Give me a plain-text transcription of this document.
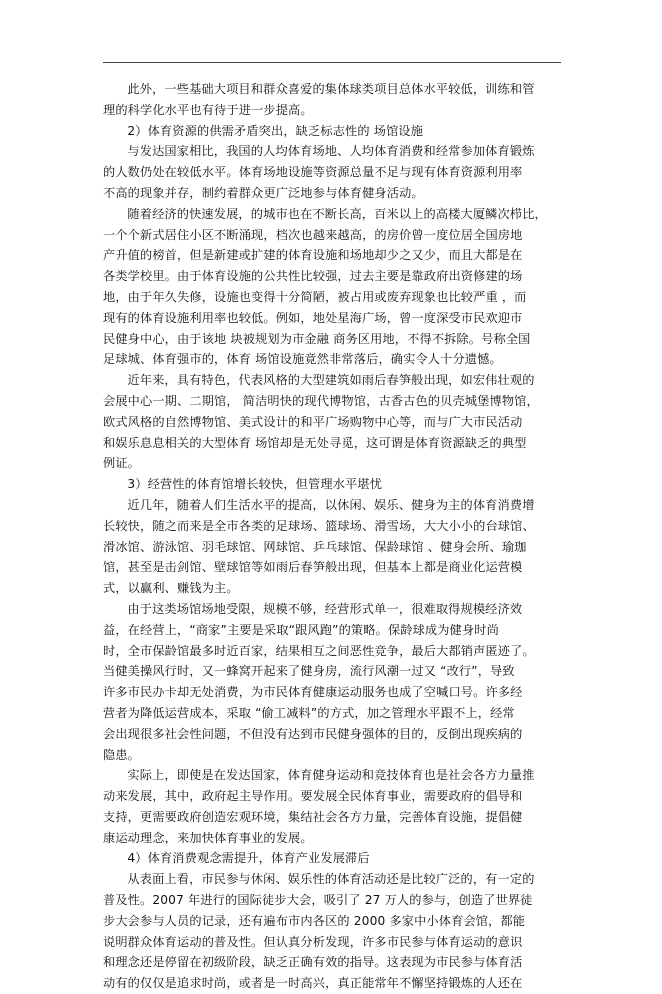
此外，一些基础大项目和群众喜爱的集体球类项目总体水平较低，训练和管
理的科学化水平也有待于进一步提高。
2）体育资源的供需矛盾突出，缺乏标志性的 场馆设施
与发达国家相比，我国的人均体育场地、人均体育消费和经常参加体育锻炼
的人数仍处在较低水平。体育场地设施等资源总量不足与现有体育资源利用率
不高的现象并存，制约着群众更广泛地参与体育健身活动。
随着经济的快速发展，的城市也在不断长高，百米以上的高楼大厦鳞次栉比，
一个个新式居住小区不断涌现，档次也越来越高，的房价曾一度位居全国房地
产升值的榜首，但是新建或扩建的体育设施和场地却少之又少，而且大都是在
各类学校里。由于体育设施的公共性比较强，过去主要是靠政府出资修建的场
地，由于年久失修，设施也变得十分简陋，被占用或废弃现象也比较严重 ，而
现有的体育设施利用率也较低。例如，地处星海广场，曾一度深受市民欢迎市
民健身中心，由于该地 块被规划为市金融 商务区用地，不得不拆除。号称全国
足球城、体育强市的，体育 场馆设施竟然非常落后，确实令人十分遗憾。
近年来，具有特色，代表风格的大型建筑如雨后春笋般出现，如宏伟壮观的
会展中心一期、二期馆， 简洁明快的现代博物馆，古香古色的贝壳城堡博物馆，
欧式风格的自然博物馆、美式设计的和平广场购物中心等，而与广大市民活动
和娱乐息息相关的大型体育 场馆却是无处寻觅，这可谓是体育资源缺乏的典型
例证。
3）经营性的体育馆增长较快，但管理水平堪忧
近几年，随着人们生活水平的提高，以休闲、娱乐、健身为主的体育消费增
长较快，随之而来是全市各类的足球场、篮球场、滑雪场，大大小小的台球馆、
滑冰馆、游泳馆、羽毛球馆、网球馆、乒乓球馆、保龄球馆 、健身会所、瑜珈
馆，甚至是击剑馆、壁球馆等如雨后春笋般出现，但基本上都是商业化运营模
式，以赢利、赚钱为主。
由于这类场馆场地受限，规模不够，经营形式单一，很难取得规模经济效
益，在经营上，“商家”主要是采取“跟风跑”的策略。保龄球成为健身时尚
时，全市保龄馆最多时近百家，结果相互之间恶性竞争，最后大都销声匿迹了。
当健美操风行时，又一蜂窝开起来了健身房，流行风潮一过又 “改行”，导致
许多市民办卡却无处消费，为市民体育健康运动服务也成了空喊口号。许多经
营者为降低运营成本，采取 “偷工减料”的方式，加之管理水平跟不上，经常
会出现很多社会性问题，不但没有达到市民健身强体的目的，反倒出现疾病的
隐患。
实际上，即使是在发达国家，体育健身运动和竞技体育也是社会各方力量推
动来发展，其中，政府起主导作用。要发展全民体育事业，需要政府的倡导和
支持，更需要政府创造宏观环境，集结社会各方力量，完善体育设施，提倡健
康运动理念，来加快体育事业的发展。
4）体育消费观念需提升，体育产业发展滞后
从表面上看，市民参与休闲、娱乐性的体育活动还是比较广泛的，有一定的
普及性。2007 年进行的国际徒步大会，吸引了 27 万人的参与，创造了世界徒
步大会参与人员的记录，还有遍布市内各区的 2000 多家中小体育会馆，都能
说明群众体育运动的普及性。但认真分析发现，许多市民参与体育运动的意识
和理念还是停留在初级阶段，缺乏正确有效的指导。这表现为市民参与体育活
动有的仅仅是追求时尚，或者是一时高兴，真正能常年不懈坚持锻炼的人还在
